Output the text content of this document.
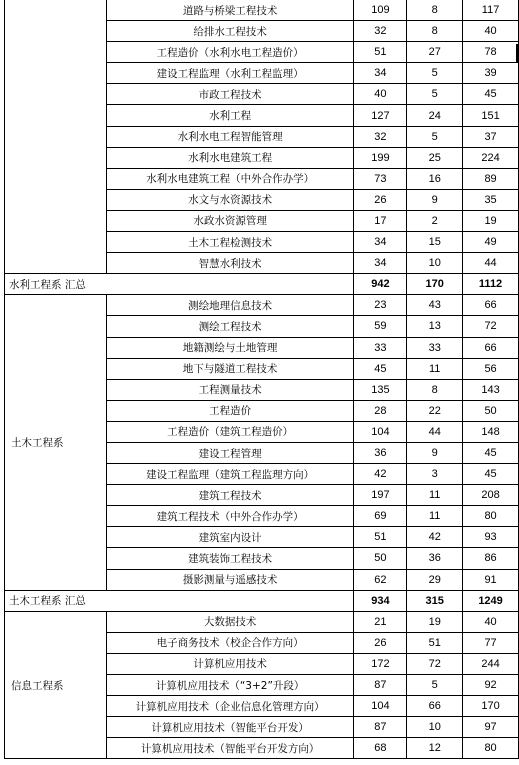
	道路与桥梁工程技术	109	8	117
	给排水工程技术	32	8	40
	工程造价（水利水电工程造价）	51	27	78
	建设工程监理（水利工程监理）	34	5	39
	市政工程技术	40	5	45
	水利工程	127	24	151
	水利水电工程智能管理	32	5	37
	水利水电建筑工程	199	25	224
	水利水电建筑工程（中外合作办学）	73	16	89
	水文与水资源技术	26	9	35
	水政水资源管理	17	2	19
	土木工程检测技术	34	15	49
	智慧水利技术	34	10	44
水利工程系 汇总		942	170	1112
土木工程系	测绘地理信息技术	23	43	66
	测绘工程技术	59	13	72
	地籍测绘与土地管理	33	33	66
	地下与隧道工程技术	45	11	56
	工程测量技术	135	8	143
	工程造价	28	22	50
	工程造价（建筑工程造价）	104	44	148
	建设工程管理	36	9	45
	建设工程监理（建筑工程监理方向）	42	3	45
	建筑工程技术	197	11	208
	建筑工程技术（中外合作办学）	69	11	80
	建筑室内设计	51	42	93
	建筑装饰工程技术	50	36	86
	摄影测量与遥感技术	62	29	91
土木工程系 汇总		934	315	1249
信息工程系	大数据技术	21	19	40
	电子商务技术（校企合作方向）	26	51	77
	计算机应用技术	172	72	244
	计算机应用技术（“3+2”升段）	87	5	92
	计算机应用技术（企业信息化管理方向）	104	66	170
	计算机应用技术（智能平台开发）	87	10	97
	计算机应用技术（智能平台开发方向）	68	12	80
